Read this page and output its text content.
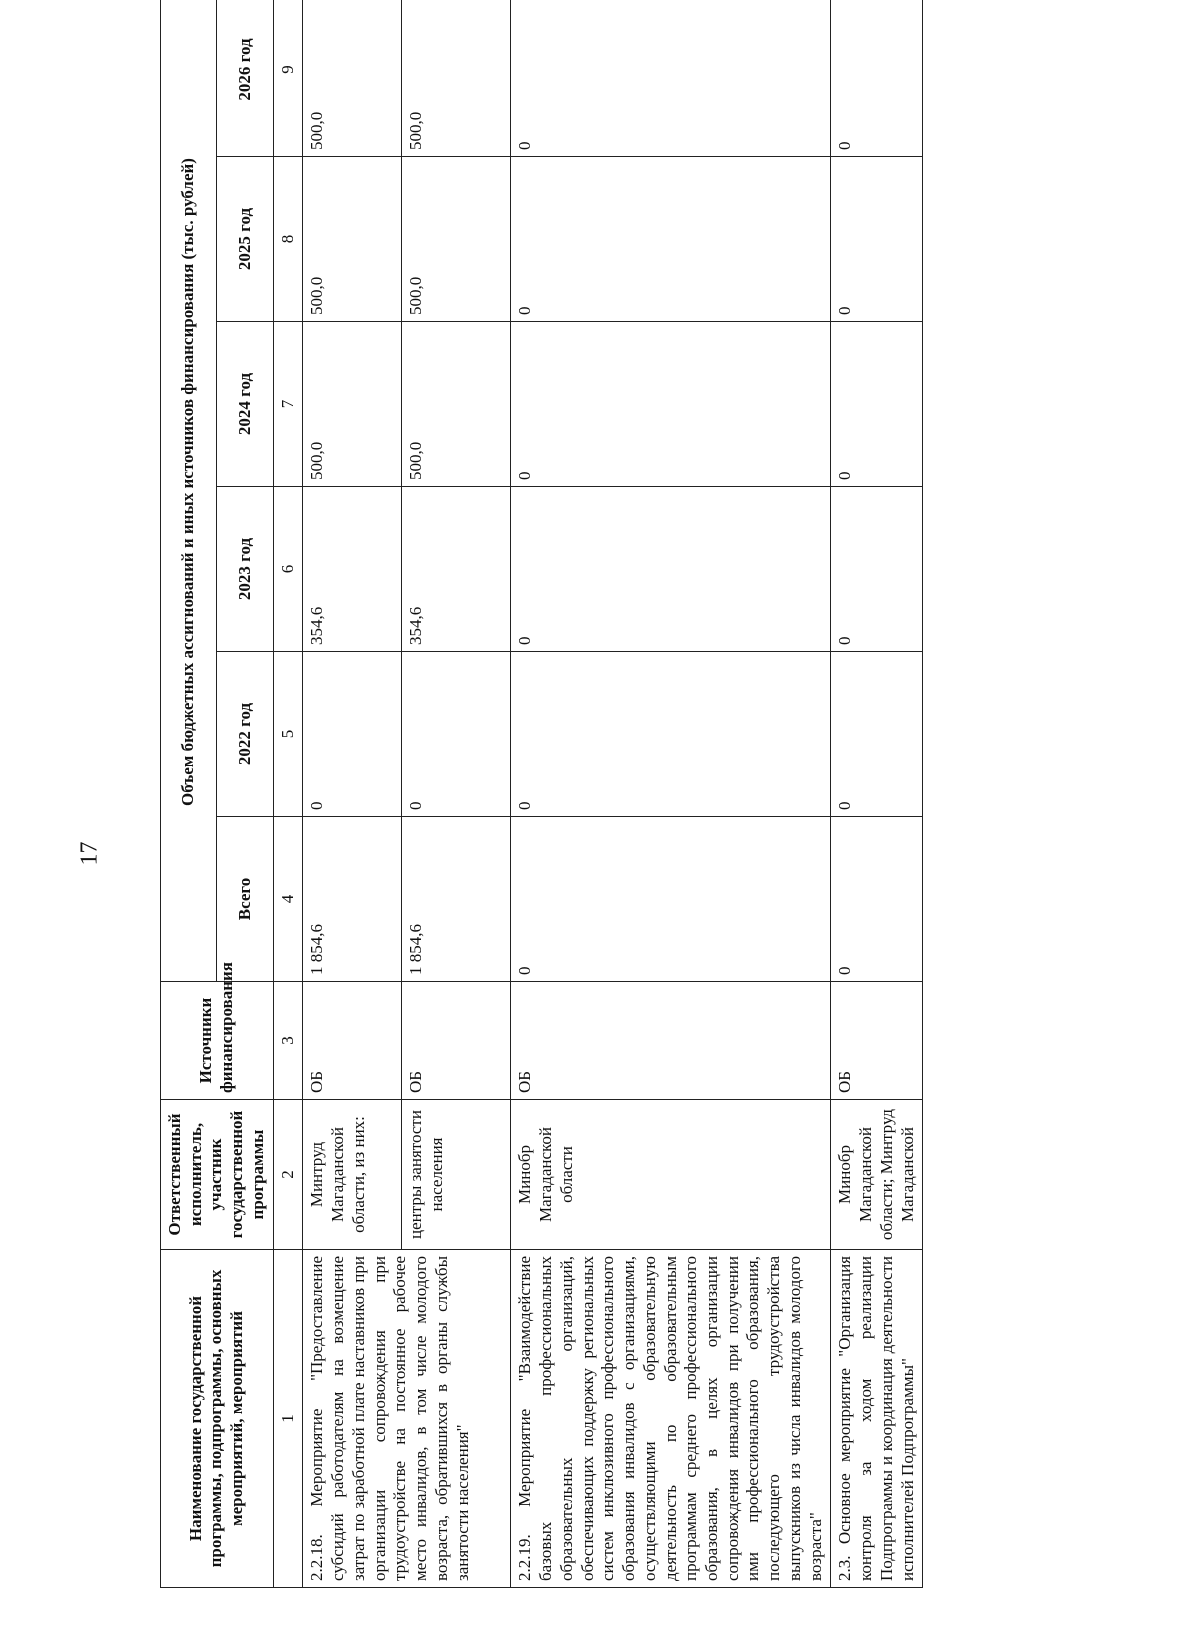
17
Наименование государственной программы, подпрограммы, основных мероприятий, мероприятий	Ответственный исполнитель, участник государственной программы	Источники финансирования	Объем бюджетных ассигнований и иных источников финансирования (тыс. рублей)					
			Всего	2022 год	2023 год	2024 год	2025 год	2026 год
1	2	3	4	5	6	7	8	9
2.2.18. Мероприятие "Предоставление субсидий работодателям на возмещение затрат по заработной плате наставников при организации сопровождения при трудоустройстве на постоянное рабочее место инвалидов, в том числе молодого возраста, обратившихся в органы службы занятости населения"	Минтруд Магаданской области, из них:	ОБ	1 854,6	0	354,6	500,0	500,0	500,0
	центры занятости населения	ОБ	1 854,6	0	354,6	500,0	500,0	500,0
2.2.19. Мероприятие "Взаимодействие базовых профессиональных образовательных организаций, обеспечивающих поддержку региональных систем инклюзивного профессионального образования инвалидов с организациями, осуществляющими образовательную деятельность по образовательным программам среднего профессионального образования, в целях организации сопровождения инвалидов при получении ими профессионального образования, последующего трудоустройства выпускников из числа инвалидов молодого возраста"	Минобр Магаданской области	ОБ	0	0	0	0	0	0
2.3. Основное мероприятие "Организация контроля за ходом реализации Подпрограммы и координация деятельности исполнителей Подпрограммы"	Минобр Магаданской области; Минтруд Магаданской	ОБ	0	0	0	0	0	0
